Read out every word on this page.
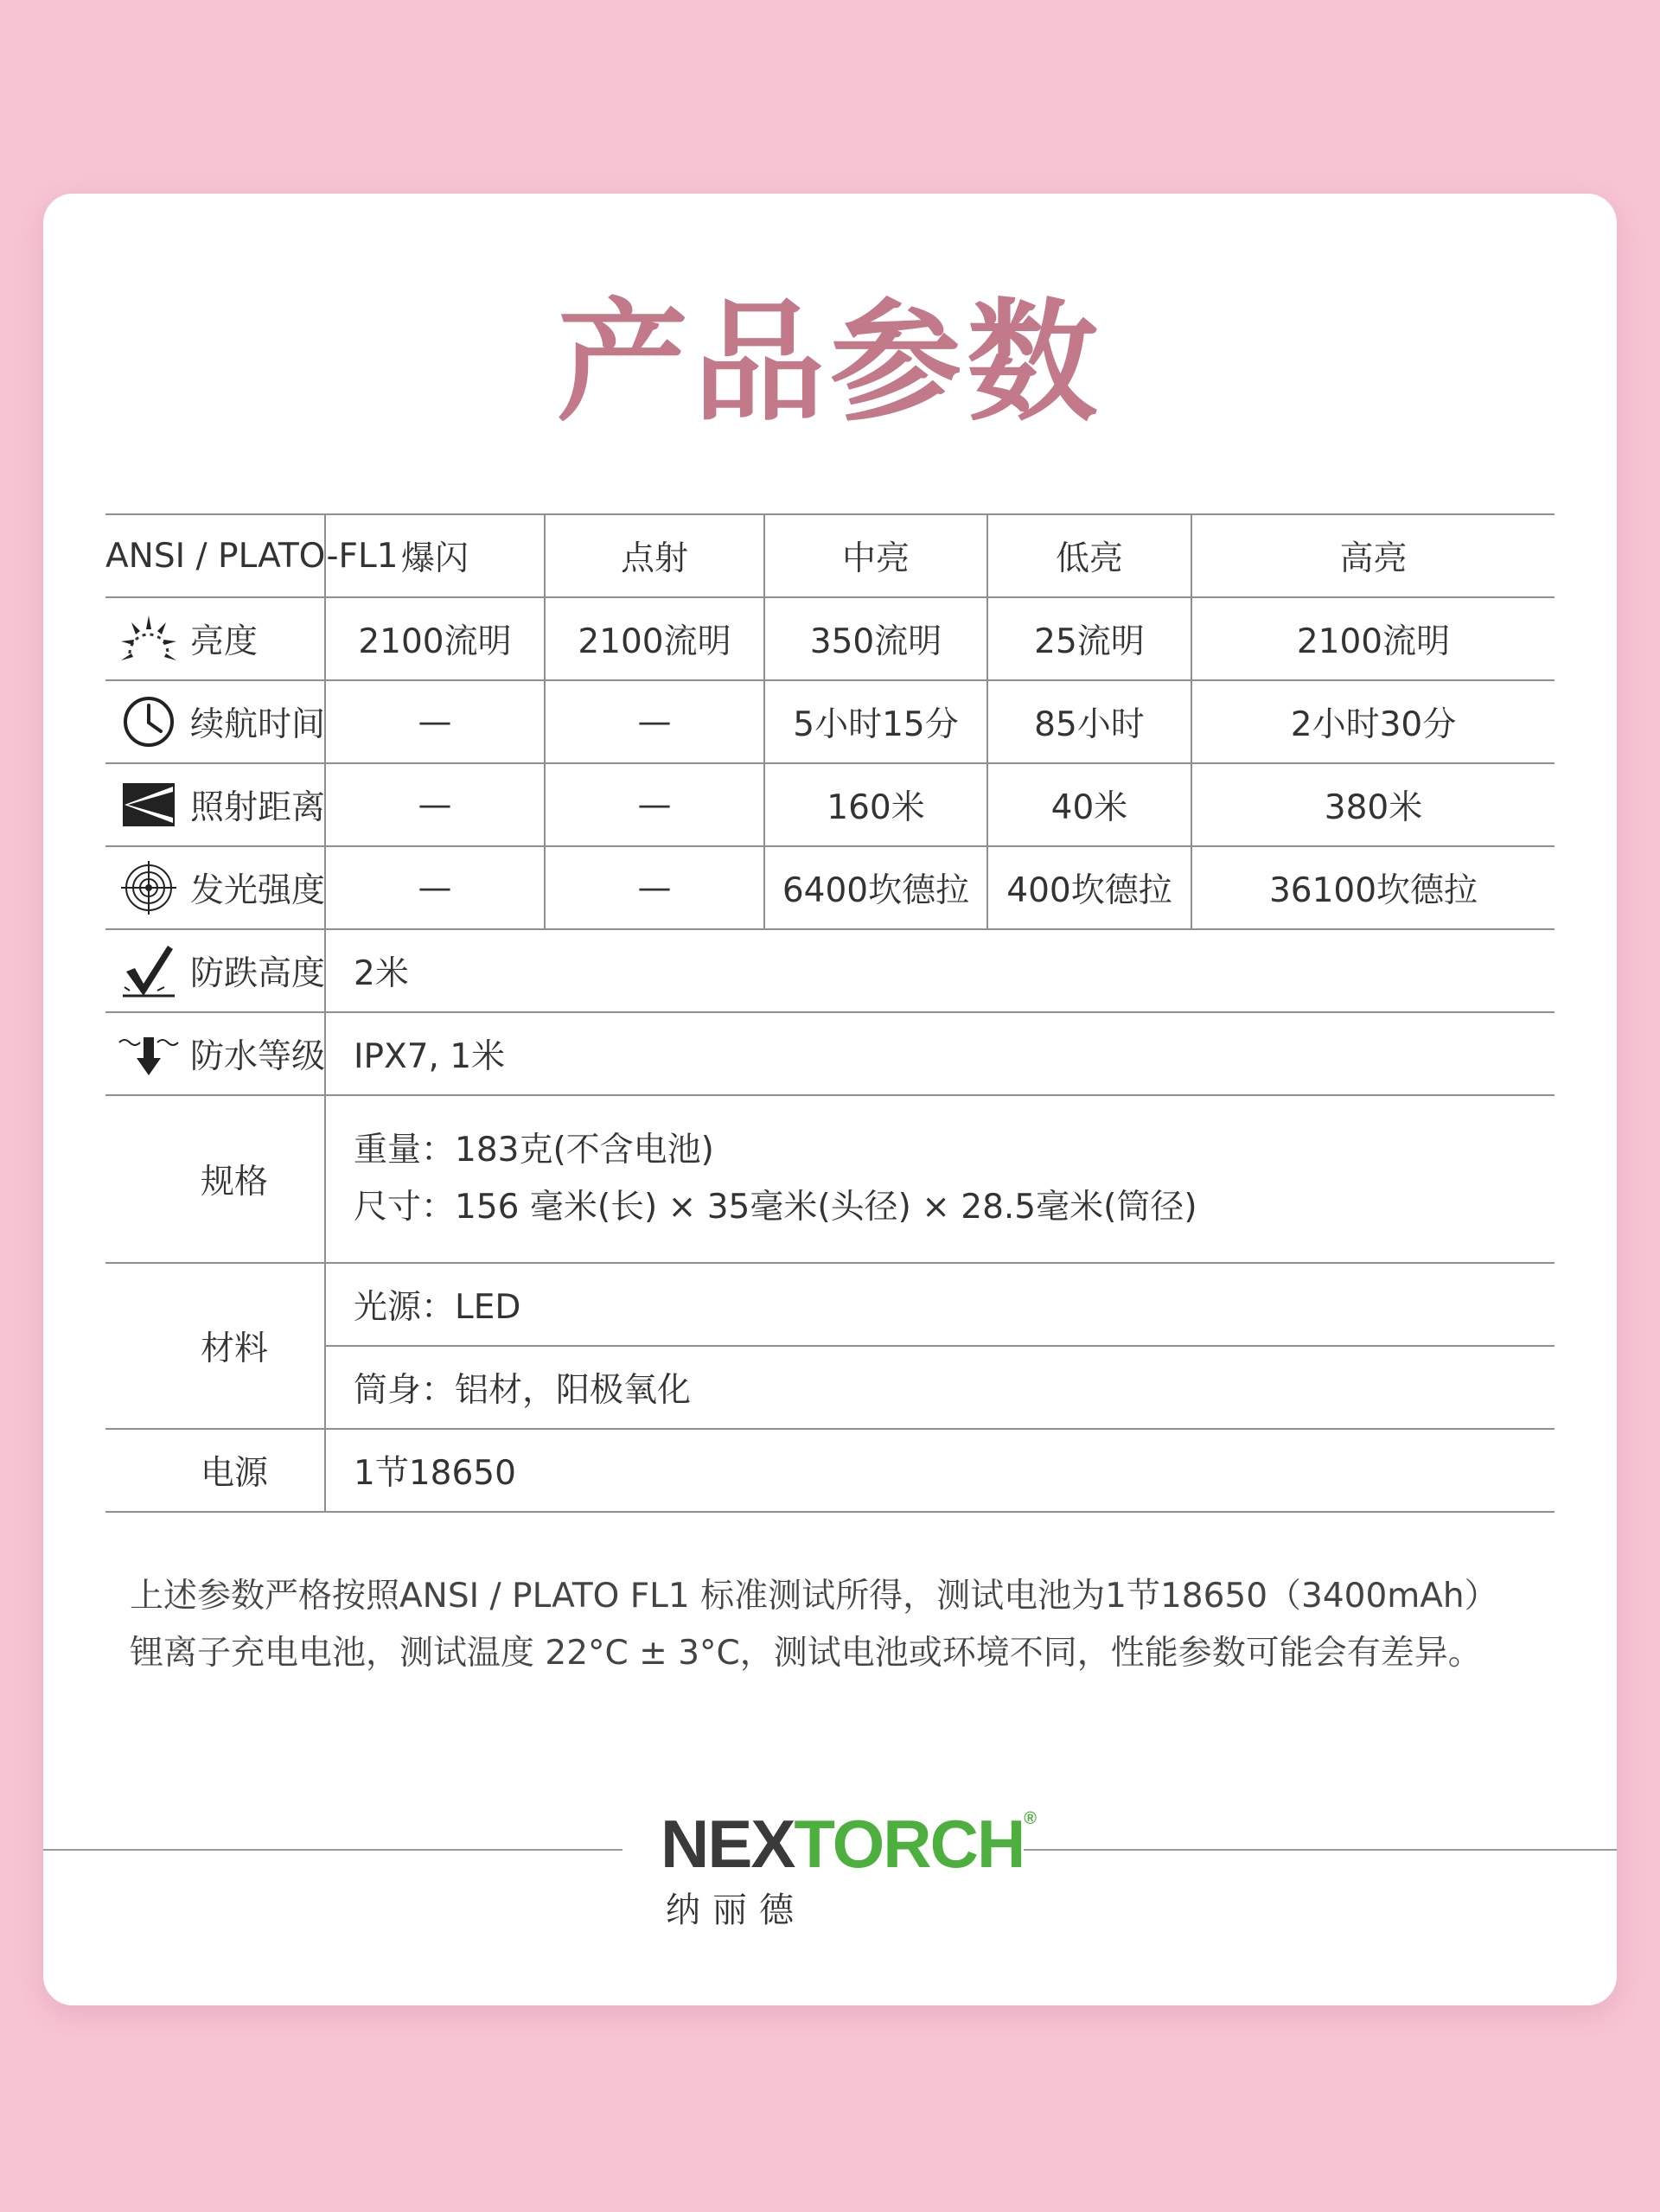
产品参数
ANSI / PLATO-FL1	爆闪	点射	中亮	低亮	高亮
亮度	2100流明	2100流明	350流明	25流明	2100流明
续航时间	—	—	5小时15分	85小时	2小时30分
照射距离	—	—	160米	40米	380米
发光强度	—	—	6400坎德拉	400坎德拉	36100坎德拉
防跌高度	2米				
防水等级	IPX7, 1米				
规格	重量：183克(不含电池)
尺寸：156 毫米(长) × 35毫米(头径) × 28.5毫米(筒径)				

材料	光源：LED				
	筒身：铝材，阳极氧化				
电源	1节18650				
上述参数严格按照ANSI / PLATO FL1 标准测试所得，测试电池为1节18650（3400mAh）
锂离子充电电池，测试温度 22°C ± 3°C，测试电池或环境不同，性能参数可能会有差异。
NEXTORCH®
纳丽德
